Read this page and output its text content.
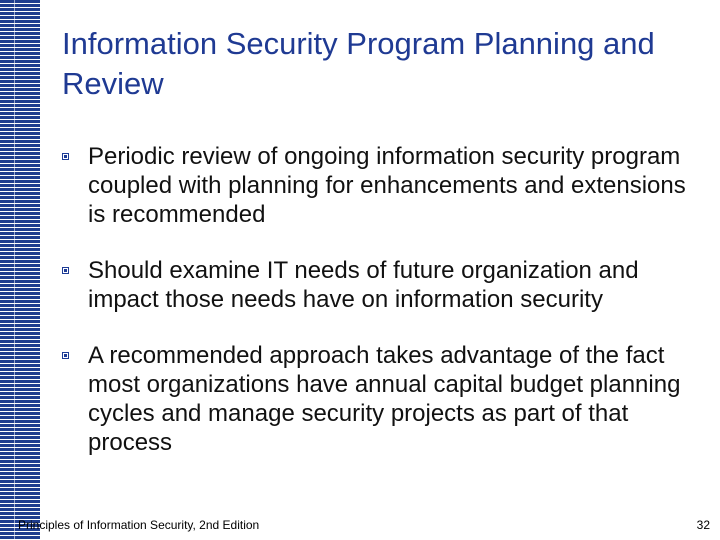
Information Security Program Planning and Review
Periodic review of ongoing information security program coupled with planning for enhancements and extensions is recommended
Should examine IT needs of future organization and impact those needs have on information security
A recommended approach takes advantage of the fact most organizations have annual capital budget planning cycles and manage security projects as part of that process
Principles of Information Security, 2nd Edition	32
